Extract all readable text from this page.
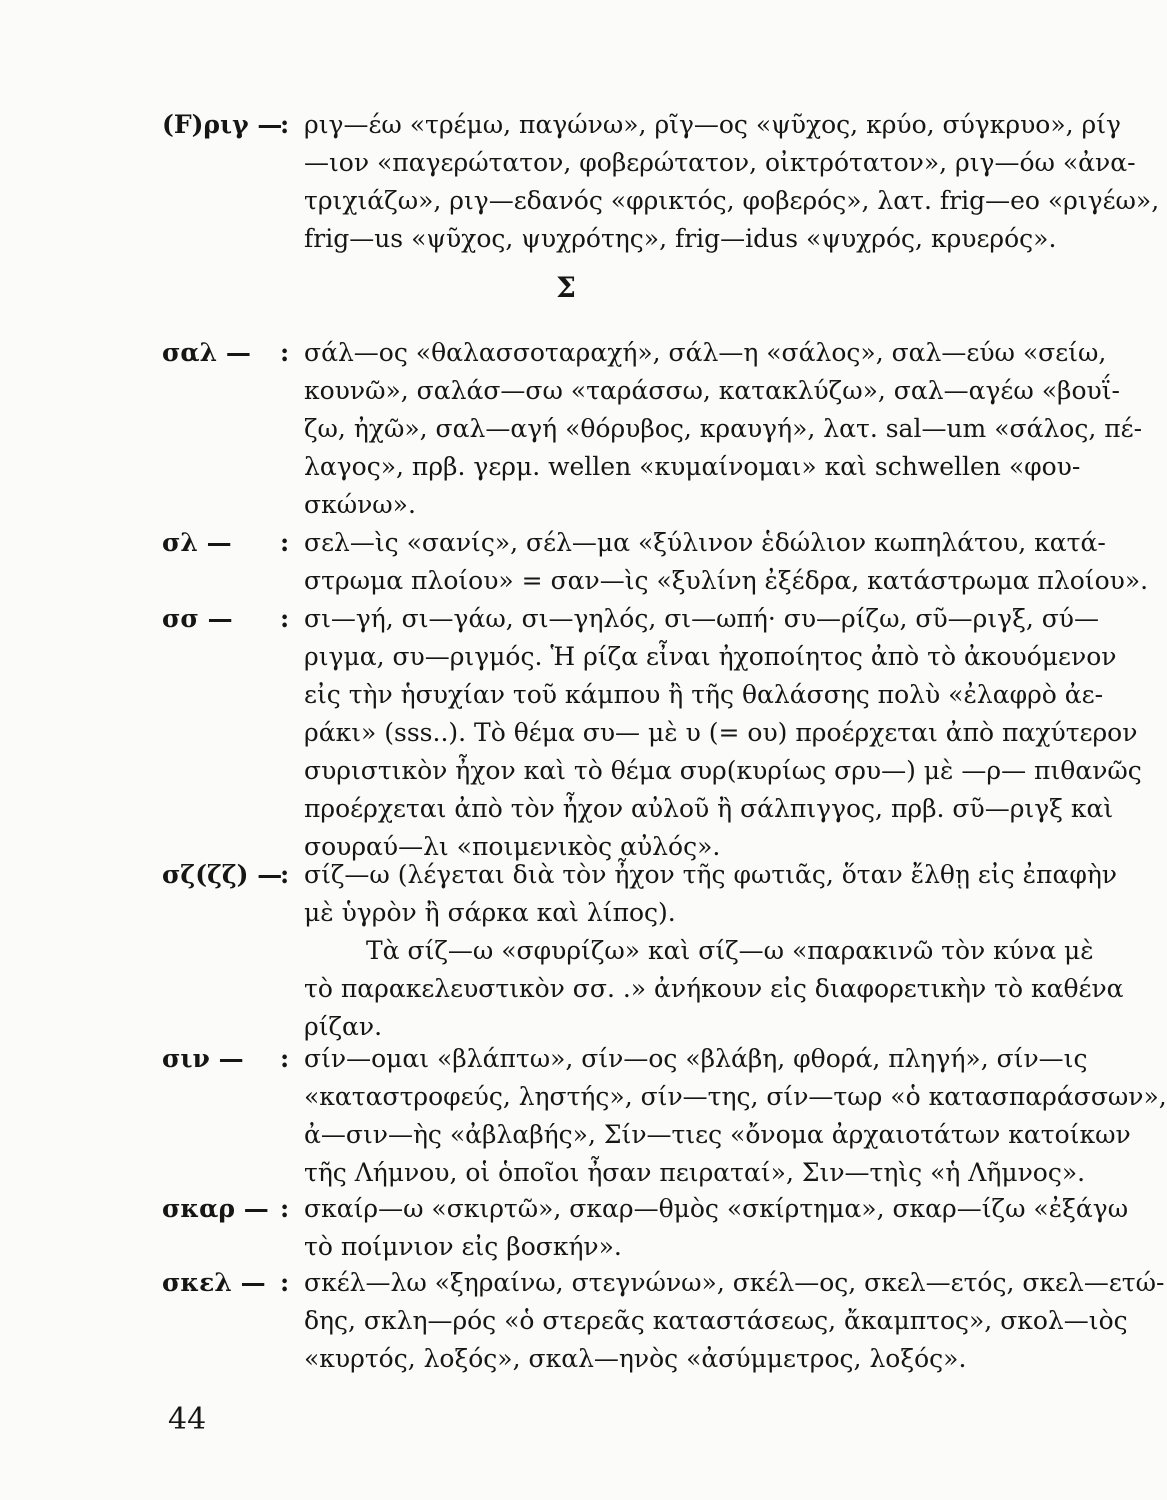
(F)ριγ —
: ριγ—έω «τρέμω, παγώνω», ρῖγ—ος «ψῦχος, κρύο, σύγκρυο», ρίγ
—ιον «παγερώτατον, φοβερώτατον, οἰκτρότατον», ριγ—όω «ἀνα-
τριχιάζω», ριγ—εδανός «φρικτός, φοβερός», λατ. frig—eo «ριγέω»,
frig—us «ψῦχος, ψυχρότης», frig—idus «ψυχρός, κρυερός».
Σ
σαλ — : σάλ—ος «θαλασσοταραχή», σάλ—η «σάλος», σαλ—εύω «σείω,
κουνῶ», σαλάσ—σω «ταράσσω, κατακλύζω», σαλ—αγέω «βουΐ-
ζω, ἠχῶ», σαλ—αγή «θόρυβος, κραυγή», λατ. sal—um «σάλος, πέ-
λαγος», πρβ. γερμ. wellen «κυμαίνομαι» καὶ schwellen «φου-
σκώνω».
σλ — : σελ—ὶς «σανίς», σέλ—μα «ξύλινον ἑδώλιον κωπηλάτου, κατά-
στρωμα πλοίου» = σαν—ὶς «ξυλίνη ἐξέδρα, κατάστρωμα πλοίου».
σσ — : σι—γή, σι—γάω, σι—γηλός, σι—ωπή· συ—ρίζω, σῦ—ριγξ, σύ—
ριγμα, συ—ριγμός. Ἡ ρίζα εἶναι ἠχοποίητος ἀπὸ τὸ ἀκουόμενον
εἰς τὴν ἡσυχίαν τοῦ κάμπου ἢ τῆς θαλάσσης πολὺ «ἐλαφρὸ ἀε-
ράκι» (sss..). Τὸ θέμα συ— μὲ υ (= ου) προέρχεται ἀπὸ παχύτερον
συριστικὸν ἦχον καὶ τὸ θέμα συρ(κυρίως σρυ—) μὲ —ρ— πιθανῶς
προέρχεται ἀπὸ τὸν ἦχον αὐλοῦ ἢ σάλπιγγος, πρβ. σῦ—ριγξ καὶ
σουραύ—λι «ποιμενικὸς αὐλός».
σζ(ζζ) —
: σίζ—ω (λέγεται διὰ τὸν ἦχον τῆς φωτιᾶς, ὅταν ἔλθῃ εἰς ἐπαφὴν
μὲ ὑγρὸν ἢ σάρκα καὶ λίπος).
Τὰ σίζ—ω «σφυρίζω» καὶ σίζ—ω «παρακινῶ τὸν κύνα μὲ
τὸ παρακελευστικὸν σσ. .» ἀνήκουν εἰς διαφορετικὴν τὸ καθένα
ρίζαν.
σιν — : σίν—ομαι «βλάπτω», σίν—ος «βλάβη, φθορά, πληγή», σίν—ις
«καταστροφεύς, ληστής», σίν—της, σίν—τωρ «ὁ κατασπαράσσων»,
ἀ—σιν—ὴς «ἀβλαβής», Σίν—τιες «ὄνομα ἀρχαιοτάτων κατοίκων
τῆς Λήμνου, οἱ ὁποῖοι ἦσαν πειραταί», Σιν—τηὶς «ἡ Λῆμνος».
σκαρ — : σκαίρ—ω «σκιρτῶ», σκαρ—θμὸς «σκίρτημα», σκαρ—ίζω «ἐξάγω
τὸ ποίμνιον εἰς βοσκήν».
σκελ — : σκέλ—λω «ξηραίνω, στεγνώνω», σκέλ—ος, σκελ—ετός, σκελ—ετώ-
δης, σκλη—ρός «ὁ στερεᾶς καταστάσεως, ἄκαμπτος», σκολ—ιὸς
«κυρτός, λοξός», σκαλ—ηνὸς «ἀσύμμετρος, λοξός».
44
